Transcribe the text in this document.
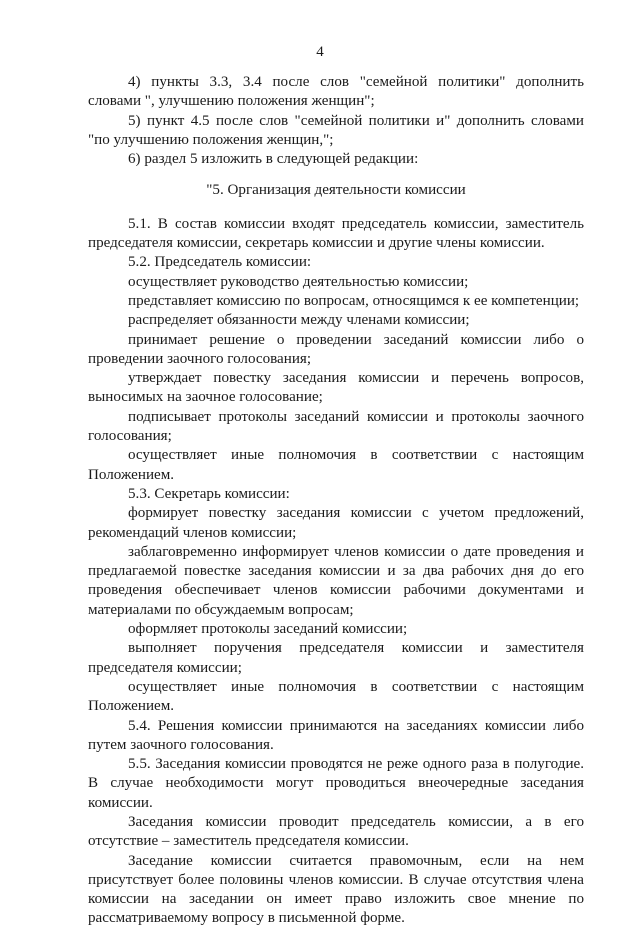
4

4) пункты 3.3, 3.4 после слов "семейной политики" дополнить словами ", улучшению положения женщин";

5) пункт 4.5 после слов "семейной политики и" дополнить словами "по улучшению положения женщин,";

6) раздел 5 изложить в следующей редакции:

"5. Организация деятельности комиссии

5.1. В состав комиссии входят председатель комиссии, заместитель председателя комиссии, секретарь комиссии и другие члены комиссии.

5.2. Председатель комиссии:

осуществляет руководство деятельностью комиссии;

представляет комиссию по вопросам, относящимся к ее компетенции;

распределяет обязанности между членами комиссии;

принимает решение о проведении заседаний комиссии либо о проведении заочного голосования;

утверждает повестку заседания комиссии и перечень вопросов, выносимых на заочное голосование;

подписывает протоколы заседаний комиссии и протоколы заочного голосования;

осуществляет иные полномочия в соответствии с настоящим Положением.

5.3. Секретарь комиссии:

формирует повестку заседания комиссии с учетом предложений, рекомендаций членов комиссии;

заблаговременно информирует членов комиссии о дате проведения и предлагаемой повестке заседания комиссии и за два рабочих дня до его проведения обеспечивает членов комиссии рабочими документами и материалами по обсуждаемым вопросам;

оформляет протоколы заседаний комиссии;

выполняет поручения председателя комиссии и заместителя председателя комиссии;

осуществляет иные полномочия в соответствии с настоящим Положением.

5.4. Решения комиссии принимаются на заседаниях комиссии либо путем заочного голосования.

5.5. Заседания комиссии проводятся не реже одного раза в полугодие. В случае необходимости могут проводиться внеочередные заседания комиссии.

Заседания комиссии проводит председатель комиссии, а в его отсутствие – заместитель председателя комиссии.

Заседание комиссии считается правомочным, если на нем присутствует более половины членов комиссии. В случае отсутствия члена комиссии на заседании он имеет право изложить свое мнение по рассматриваемому вопросу в письменной форме.
